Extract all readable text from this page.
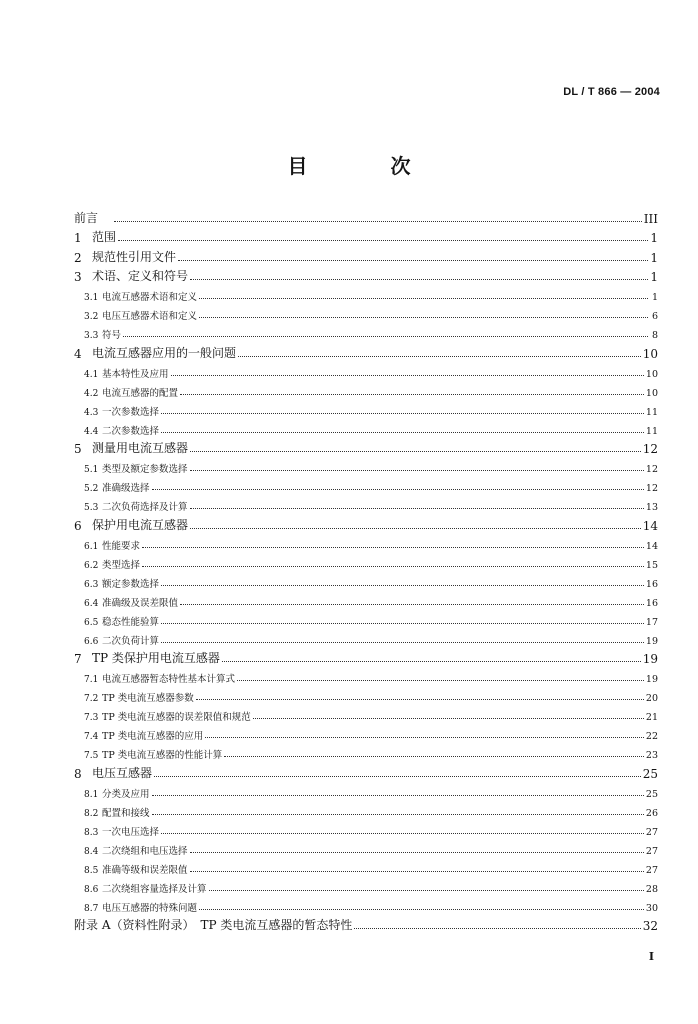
DL / T 866 — 2004
目 次
前言	III
1 范围	1
2 规范性引用文件	1
3 术语、定义和符号	1
3.1 电流互感器术语和定义	1
3.2 电压互感器术语和定义	6
3.3 符号	8
4 电流互感器应用的一般问题	10
4.1 基本特性及应用	10
4.2 电流互感器的配置	10
4.3 一次参数选择	11
4.4 二次参数选择	11
5 测量用电流互感器	12
5.1 类型及额定参数选择	12
5.2 准确级选择	12
5.3 二次负荷选择及计算	13
6 保护用电流互感器	14
6.1 性能要求	14
6.2 类型选择	15
6.3 额定参数选择	16
6.4 准确级及误差限值	16
6.5 稳态性能验算	17
6.6 二次负荷计算	19
7 TP 类保护用电流互感器	19
7.1 电流互感器暂态特性基本计算式	19
7.2 TP 类电流互感器参数	20
7.3 TP 类电流互感器的误差限值和规范	21
7.4 TP 类电流互感器的应用	22
7.5 TP 类电流互感器的性能计算	23
8 电压互感器	25
8.1 分类及应用	25
8.2 配置和接线	26
8.3 一次电压选择	27
8.4 二次绕组和电压选择	27
8.5 准确等级和误差限值	27
8.6 二次绕组容量选择及计算	28
8.7 电压互感器的特殊问题	30
附录 A（资料性附录）　TP 类电流互感器的暂态特性	32
I
